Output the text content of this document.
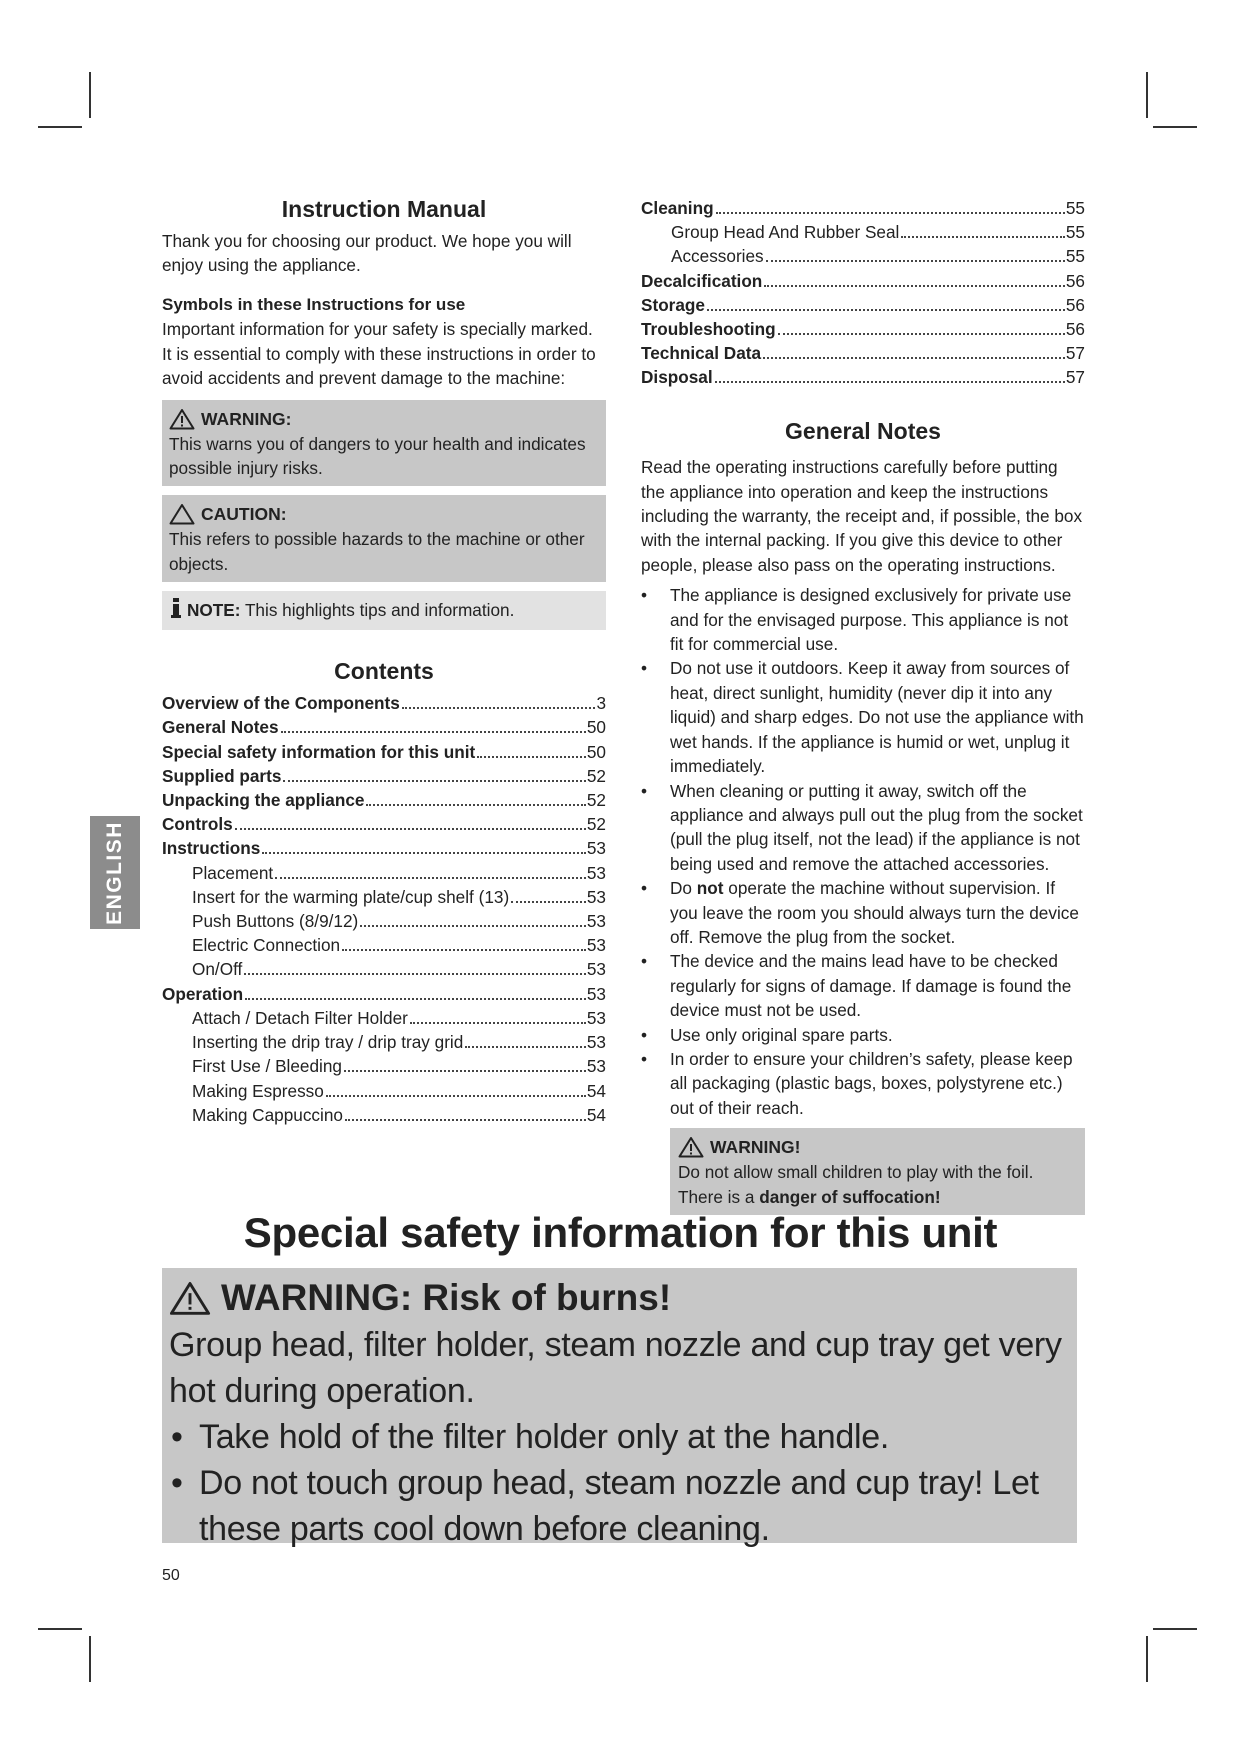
ENGLISH
Instruction Manual

Thank you for choosing our product. We hope you will enjoy using the appliance.

Symbols in these Instructions for use

Important information for your safety is specially marked. It is essential to comply with these instructions in order to avoid accidents and prevent damage to the machine:

WARNING:

This warns you of dangers to your health and indicates possible injury risks.

CAUTION:

This refers to possible hazards to the machine or other objects.

NOTE: This highlights tips and information.

Contents
Overview of the Components	3
General Notes	50
Special safety information for this unit	50
Supplied parts	52
Unpacking the appliance	52
Controls	52
Instructions	53
Placement	53
Insert for the warming plate/cup shelf (13)	53
Push Buttons (8/9/12)	53
Electric Connection	53
On/Off	53
Operation	53
Attach / Detach Filter Holder	53
Inserting the drip tray / drip tray grid	53
First Use / Bleeding	53
Making Espresso	54
Making Cappuccino	54
Cleaning	55
Group Head And Rubber Seal	55
Accessories	55
Decalcification	56
Storage	56
Troubleshooting	56
Technical Data	57
Disposal	57
General Notes

Read the operating instructions carefully before putting the appliance into operation and keep the instructions including the warranty, the receipt and, if possible, the box with the internal packing. If you give this device to other people, please also pass on the operating instructions.

• The appliance is designed exclusively for private use and for the envisaged purpose. This appliance is not fit for commercial use.
• Do not use it outdoors. Keep it away from sources of heat, direct sunlight, humidity (never dip it into any liquid) and sharp edges. Do not use the appliance with wet hands. If the appliance is humid or wet, unplug it immediately.
• When cleaning or putting it away, switch off the appliance and always pull out the plug from the socket (pull the plug itself, not the lead) if the appliance is not being used and remove the attached accessories.
• Do not operate the machine without supervision. If you leave the room you should always turn the device off. Remove the plug from the socket.
• The device and the mains lead have to be checked regularly for signs of damage. If damage is found the device must not be used.
• Use only original spare parts.
• In order to ensure your children’s safety, please keep all packaging (plastic bags, boxes, polystyrene etc.) out of their reach.
WARNING!

Do not allow small children to play with the foil. There is a danger of suffocation!

Special safety information for this unit
WARNING: Risk of burns!

Group head, filter holder, steam nozzle and cup tray get very hot during operation.

• Take hold of the filter holder only at the handle.
• Do not touch group head, steam nozzle and cup tray! Let these parts cool down before cleaning.
50
